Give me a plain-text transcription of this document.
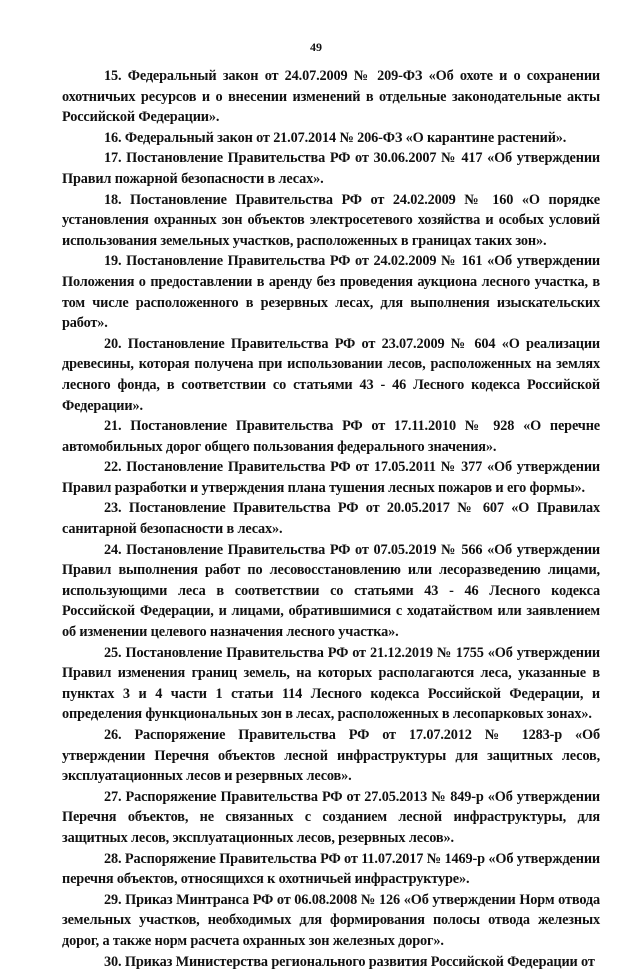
49

15. Федеральный закон от 24.07.2009 № 209-ФЗ «Об охоте и о сохранении охотничьих ресурсов и о внесении изменений в отдельные законодательные акты Российской Федерации».

16. Федеральный закон от 21.07.2014 № 206-ФЗ «О карантине растений».

17. Постановление Правительства РФ от 30.06.2007 № 417 «Об утверждении Правил пожарной безопасности в лесах».

18. Постановление Правительства РФ от 24.02.2009 № 160 «О порядке установления охранных зон объектов электросетевого хозяйства и особых условий использования земельных участков, расположенных в границах таких зон».

19. Постановление Правительства РФ от 24.02.2009 № 161 «Об утверждении Положения о предоставлении в аренду без проведения аукциона лесного участка, в том числе расположенного в резервных лесах, для выполнения изыскательских работ».

20. Постановление Правительства РФ от 23.07.2009 № 604 «О реализации древесины, которая получена при использовании лесов, расположенных на землях лесного фонда, в соответствии со статьями 43 - 46 Лесного кодекса Российской Федерации».

21. Постановление Правительства РФ от 17.11.2010 № 928 «О перечне автомобильных дорог общего пользования федерального значения».

22. Постановление Правительства РФ от 17.05.2011 № 377 «Об утверждении Правил разработки и утверждения плана тушения лесных пожаров и его формы».

23. Постановление Правительства РФ от 20.05.2017 № 607 «О Правилах санитарной безопасности в лесах».

24. Постановление Правительства РФ от 07.05.2019 № 566 «Об утверждении Правил выполнения работ по лесовосстановлению или лесоразведению лицами, использующими леса в соответствии со статьями 43 - 46 Лесного кодекса Российской Федерации, и лицами, обратившимися с ходатайством или заявлением об изменении целевого назначения лесного участка».

25. Постановление Правительства РФ от 21.12.2019 № 1755 «Об утверждении Правил изменения границ земель, на которых располагаются леса, указанные в пунктах 3 и 4 части 1 статьи 114 Лесного кодекса Российской Федерации, и определения функциональных зон в лесах, расположенных в лесопарковых зонах».

26. Распоряжение Правительства РФ от 17.07.2012 № 1283-р «Об утверждении Перечня объектов лесной инфраструктуры для защитных лесов, эксплуатационных лесов и резервных лесов».

27. Распоряжение Правительства РФ от 27.05.2013 № 849-р «Об утверждении Перечня объектов, не связанных с созданием лесной инфраструктуры, для защитных лесов, эксплуатационных лесов, резервных лесов».

28. Распоряжение Правительства РФ от 11.07.2017 № 1469-р «Об утверждении перечня объектов, относящихся к охотничьей инфраструктуре».

29. Приказ Минтранса РФ от 06.08.2008 № 126 «Об утверждении Норм отвода земельных участков, необходимых для формирования полосы отвода железных дорог, а также норм расчета охранных зон железных дорог».

30. Приказ Министерства регионального развития Российской Федерации от
